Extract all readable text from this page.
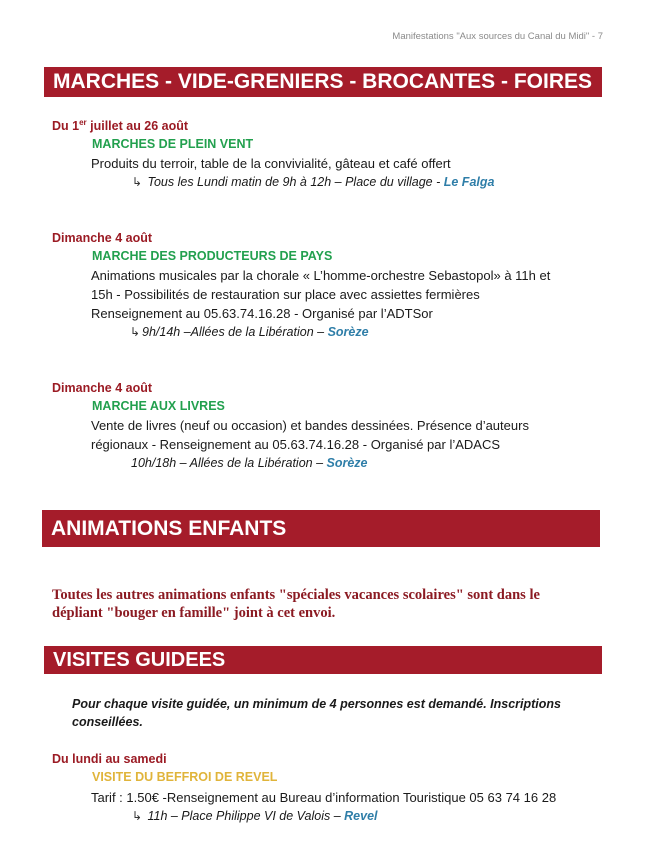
Manifestations "Aux sources du Canal du Midi" - 7
MARCHES - VIDE-GRENIERS - BROCANTES - FOIRES
Du 1er juillet au 26 août
MARCHES DE PLEIN VENT
Produits du terroir, table de la convivialité, gâteau et café offert
↳ Tous les Lundi matin de 9h à 12h – Place du village - Le Falga
Dimanche 4 août
MARCHE DES PRODUCTEURS DE PAYS
Animations musicales par la chorale « L’homme-orchestre Sebastopol» à 11h et
15h - Possibilités de restauration sur place avec assiettes fermières
Renseignement au 05.63.74.16.28 - Organisé par l’ADTSor
↳ 9h/14h –Allées de la Libération – Sorèze
Dimanche 4 août
MARCHE AUX LIVRES
Vente de livres (neuf ou occasion) et bandes dessinées. Présence d’auteurs
régionaux - Renseignement au 05.63.74.16.28 - Organisé par l’ADACS
10h/18h – Allées de la Libération – Sorèze
ANIMATIONS ENFANTS
Toutes les autres animations enfants "spéciales vacances scolaires" sont dans le
dépliant "bouger en famille" joint à cet envoi.
VISITES GUIDEES
Pour chaque visite guidée, un minimum de 4 personnes est demandé. Inscriptions
conseillées.
Du lundi au samedi
VISITE DU BEFFROI DE REVEL
Tarif : 1.50€ -Renseignement au Bureau d’information Touristique 05 63 74 16 28
↳ 11h – Place Philippe VI de Valois – Revel
